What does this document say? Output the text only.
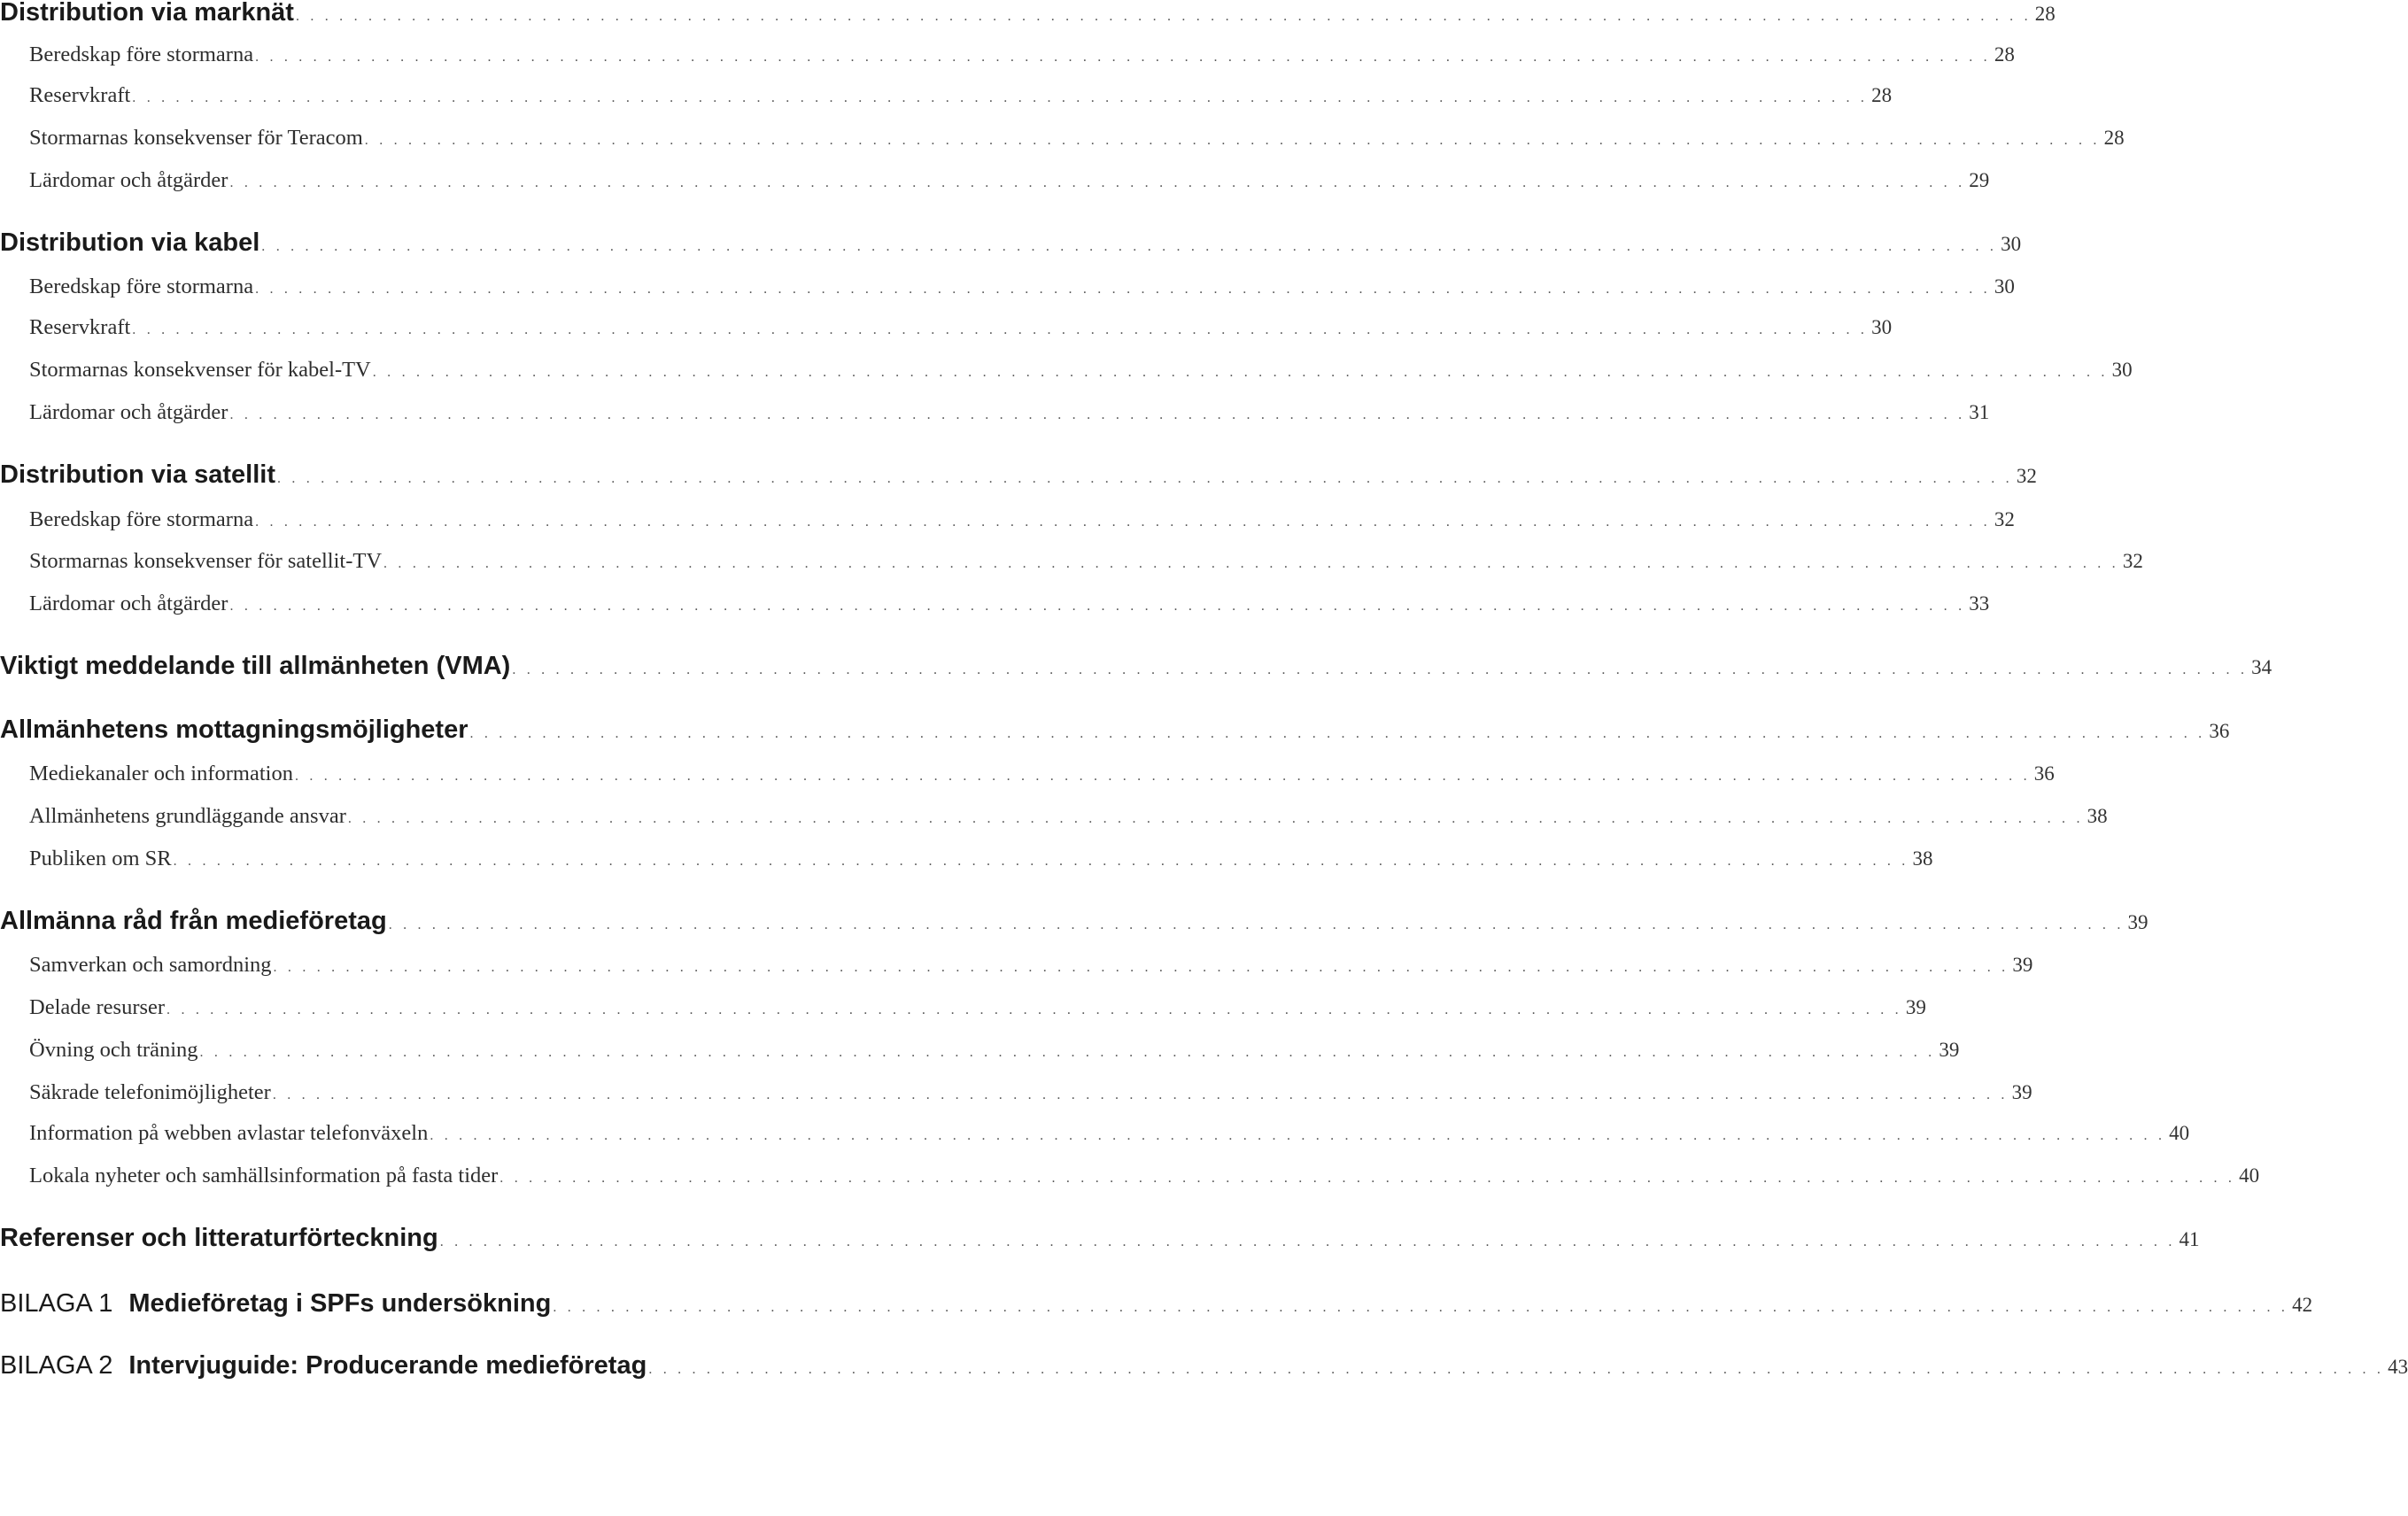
Distribution via marknät . . . . . . . . . . . . . . . . . . . . . . . . . . . . . . . . . . . . . . . . . . . . . . . . . . . . . . . . . . . . . . . . . . . . . . . . . . . . . . . . . . . . . . . . . . . . . . . . . . . . . . . . . . . . . . . . . . . . . . . . 28
Beredskap före stormarna . . . . . . . . . . . . . . . . . . . . . . . . . . . . . . . . . . . . . . . . . . . . . . . . . . . . . . . . . . . . . . . . . . . . . . . . . . . . . . . . . . . . . . . . . . . . . . . . . . . . . . . . . . . . . . . . . . . . . . . . 28
Reservkraft . . . . . . . . . . . . . . . . . . . . . . . . . . . . . . . . . . . . . . . . . . . . . . . . . . . . . . . . . . . . . . . . . . . . . . . . . . . . . . . . . . . . . . . . . . . . . . . . . . . . . . . . . . . . . . . . . . . . . . . . 28
Stormarnas konsekvenser för Teracom . . . . . . . . . . . . . . . . . . . . . . . . . . . . . . . . . . . . . . . . . . . . . . . . . . . . . . . . . . . . . . . . . . . . . . . . . . . . . . . . . . . . . . . . . . . . . . . . . . . . . . . . . . . . . . . . . . . . . . . . 28
Lärdomar och åtgärder . . . . . . . . . . . . . . . . . . . . . . . . . . . . . . . . . . . . . . . . . . . . . . . . . . . . . . . . . . . . . . . . . . . . . . . . . . . . . . . . . . . . . . . . . . . . . . . . . . . . . . . . . . . . . . . . . . . . . . . . 29
Distribution via kabel . . . . . . . . . . . . . . . . . . . . . . . . . . . . . . . . . . . . . . . . . . . . . . . . . . . . . . . . . . . . . . . . . . . . . . . . . . . . . . . . . . . . . . . . . . . . . . . . . . . . . . . . . . . . . . . . . . . . . . . . 30
Beredskap före stormarna . . . . . . . . . . . . . . . . . . . . . . . . . . . . . . . . . . . . . . . . . . . . . . . . . . . . . . . . . . . . . . . . . . . . . . . . . . . . . . . . . . . . . . . . . . . . . . . . . . . . . . . . . . . . . . . . . . . . . . . . 30
Reservkraft . . . . . . . . . . . . . . . . . . . . . . . . . . . . . . . . . . . . . . . . . . . . . . . . . . . . . . . . . . . . . . . . . . . . . . . . . . . . . . . . . . . . . . . . . . . . . . . . . . . . . . . . . . . . . . . . . . . . . . . . 30
Stormarnas konsekvenser för kabel-TV . . . . . . . . . . . . . . . . . . . . . . . . . . . . . . . . . . . . . . . . . . . . . . . . . . . . . . . . . . . . . . . . . . . . . . . . . . . . . . . . . . . . . . . . . . . . . . . . . . . . . . . . . . . . . . . . . . . . . . . . 30
Lärdomar och åtgärder . . . . . . . . . . . . . . . . . . . . . . . . . . . . . . . . . . . . . . . . . . . . . . . . . . . . . . . . . . . . . . . . . . . . . . . . . . . . . . . . . . . . . . . . . . . . . . . . . . . . . . . . . . . . . . . . . . . . . . . . 31
Distribution via satellit . . . . . . . . . . . . . . . . . . . . . . . . . . . . . . . . . . . . . . . . . . . . . . . . . . . . . . . . . . . . . . . . . . . . . . . . . . . . . . . . . . . . . . . . . . . . . . . . . . . . . . . . . . . . . . . . . . . . . . . . 32
Beredskap före stormarna . . . . . . . . . . . . . . . . . . . . . . . . . . . . . . . . . . . . . . . . . . . . . . . . . . . . . . . . . . . . . . . . . . . . . . . . . . . . . . . . . . . . . . . . . . . . . . . . . . . . . . . . . . . . . . . . . . . . . . . . 32
Stormarnas konsekvenser för satellit-TV . . . . . . . . . . . . . . . . . . . . . . . . . . . . . . . . . . . . . . . . . . . . . . . . . . . . . . . . . . . . . . . . . . . . . . . . . . . . . . . . . . . . . . . . . . . . . . . . . . . . . . . . . . . . . . . . . . . . . . . . 32
Lärdomar och åtgärder . . . . . . . . . . . . . . . . . . . . . . . . . . . . . . . . . . . . . . . . . . . . . . . . . . . . . . . . . . . . . . . . . . . . . . . . . . . . . . . . . . . . . . . . . . . . . . . . . . . . . . . . . . . . . . . . . . . . . . . . 33
Viktigt meddelande till allmänheten (VMA) . . . . . . . . . . . . . . . . . . . . . . . . . . . . . . . . . . . . . . . . . . . . . . . . . . . . . . . . . . . . . . . . . . . . . . . . . . . . . . . . . . . . . . . . . . . . . . . . . . . . . . . . . . . . . . . . . . . . . . . . 34
Allmänhetens mottagningsmöjligheter . . . . . . . . . . . . . . . . . . . . . . . . . . . . . . . . . . . . . . . . . . . . . . . . . . . . . . . . . . . . . . . . . . . . . . . . . . . . . . . . . . . . . . . . . . . . . . . . . . . . . . . . . . . . . . . . . . . . . . . . 36
Mediekanaler och information . . . . . . . . . . . . . . . . . . . . . . . . . . . . . . . . . . . . . . . . . . . . . . . . . . . . . . . . . . . . . . . . . . . . . . . . . . . . . . . . . . . . . . . . . . . . . . . . . . . . . . . . . . . . . . . . . . . . . . . . 36
Allmänhetens grundläggande ansvar . . . . . . . . . . . . . . . . . . . . . . . . . . . . . . . . . . . . . . . . . . . . . . . . . . . . . . . . . . . . . . . . . . . . . . . . . . . . . . . . . . . . . . . . . . . . . . . . . . . . . . . . . . . . . . . . . . . . . . . . 38
Publiken om SR . . . . . . . . . . . . . . . . . . . . . . . . . . . . . . . . . . . . . . . . . . . . . . . . . . . . . . . . . . . . . . . . . . . . . . . . . . . . . . . . . . . . . . . . . . . . . . . . . . . . . . . . . . . . . . . . . . . . . . . . 38
Allmänna råd från medieföretag . . . . . . . . . . . . . . . . . . . . . . . . . . . . . . . . . . . . . . . . . . . . . . . . . . . . . . . . . . . . . . . . . . . . . . . . . . . . . . . . . . . . . . . . . . . . . . . . . . . . . . . . . . . . . . . . . . . . . . . . 39
Samverkan och samordning . . . . . . . . . . . . . . . . . . . . . . . . . . . . . . . . . . . . . . . . . . . . . . . . . . . . . . . . . . . . . . . . . . . . . . . . . . . . . . . . . . . . . . . . . . . . . . . . . . . . . . . . . . . . . . . . . . . . . . . . 39
Delade resurser . . . . . . . . . . . . . . . . . . . . . . . . . . . . . . . . . . . . . . . . . . . . . . . . . . . . . . . . . . . . . . . . . . . . . . . . . . . . . . . . . . . . . . . . . . . . . . . . . . . . . . . . . . . . . . . . . . . . . . . . 39
Övning och träning . . . . . . . . . . . . . . . . . . . . . . . . . . . . . . . . . . . . . . . . . . . . . . . . . . . . . . . . . . . . . . . . . . . . . . . . . . . . . . . . . . . . . . . . . . . . . . . . . . . . . . . . . . . . . . . . . . . . . . . . 39
Säkrade telefonimöjligheter . . . . . . . . . . . . . . . . . . . . . . . . . . . . . . . . . . . . . . . . . . . . . . . . . . . . . . . . . . . . . . . . . . . . . . . . . . . . . . . . . . . . . . . . . . . . . . . . . . . . . . . . . . . . . . . . . . . . . . . . 39
Information på webben avlastar telefonväxeln . . . . . . . . . . . . . . . . . . . . . . . . . . . . . . . . . . . . . . . . . . . . . . . . . . . . . . . . . . . . . . . . . . . . . . . . . . . . . . . . . . . . . . . . . . . . . . . . . . . . . . . . . . . . . . . . . . . . . . . . 40
Lokala nyheter och samhällsinformation på fasta tider . . . . . . . . . . . . . . . . . . . . . . . . . . . . . . . . . . . . . . . . . . . . . . . . . . . . . . . . . . . . . . . . . . . . . . . . . . . . . . . . . . . . . . . . . . . . . . . . . . . . . . . . . . . . . . . . . . . . . . . . 40
Referenser och litteraturförteckning . . . . . . . . . . . . . . . . . . . . . . . . . . . . . . . . . . . . . . . . . . . . . . . . . . . . . . . . . . . . . . . . . . . . . . . . . . . . . . . . . . . . . . . . . . . . . . . . . . . . . . . . . . . . . . . . . . . . . . . . 41
BILAGA 1 Medieföretag i SPFs undersökning . . . . . . . . . . . . . . . . . . . . . . . . . . . . . . . . . . . . . . . . . . . . . . . . . . . . . . . . . . . . . . . . . . . . . . . . . . . . . . . . . . . . . . . . . . . . . . . . . . . . . . . . . . . . . . . . . . . . . . . . 42
BILAGA 2 Intervjuguide: Producerande medieföretag . . . . . . . . . . . . . . . . . . . . . . . . . . . . . . . . . . . . . . . . . . . . . . . . . . . . . . . . . . . . . . . . . . . . . . . . . . . . . . . . . . . . . . . . . . . . . . . . . . . . . . . . . . . . . . . . . . . . . . . . 43
